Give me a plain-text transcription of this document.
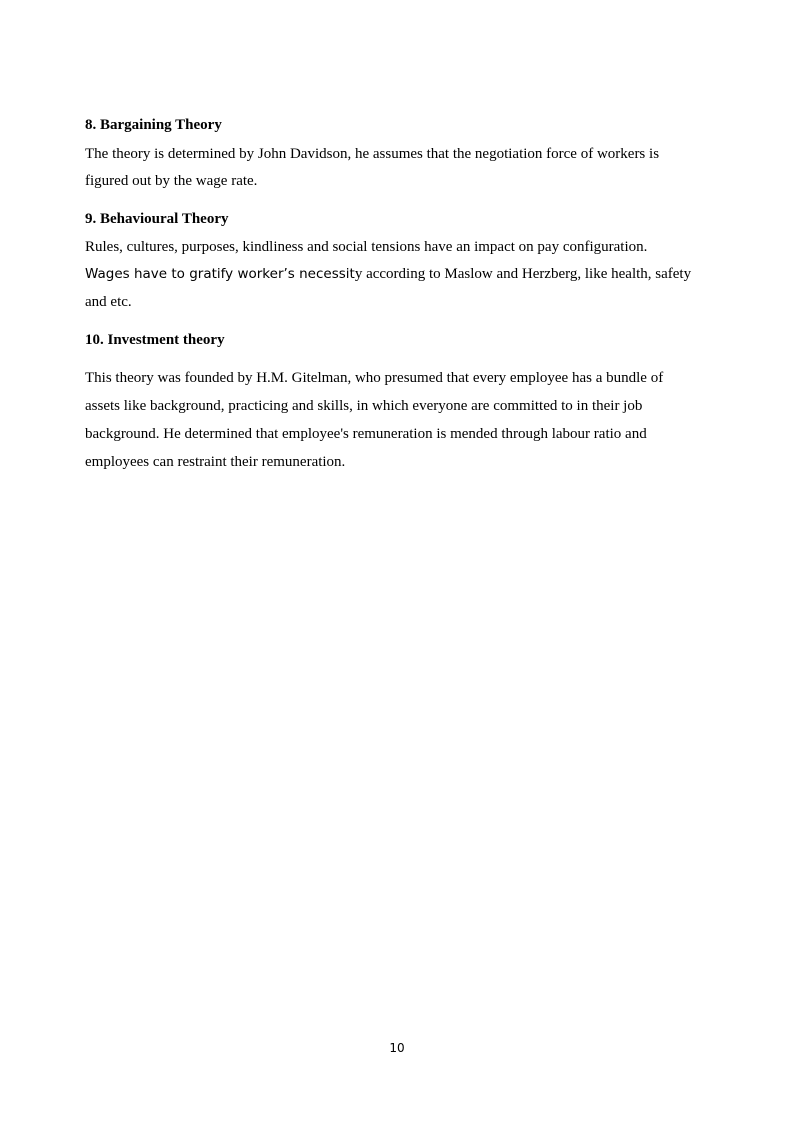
8. Bargaining Theory
The theory is determined by John Davidson, he assumes that the negotiation force of workers is
figured out by the wage rate.
9. Behavioural Theory
Rules, cultures, purposes, kindliness and social tensions have an impact on pay configuration.
Wages have to gratify worker’s necessity according to Maslow and Herzberg, like health, safety
and etc.
10. Investment theory
This theory was founded by H.M. Gitelman, who presumed that every employee has a bundle of
assets like background, practicing and skills, in which everyone are committed to in their job
background. He determined that employee's remuneration is mended through labour ratio and
employees can restraint their remuneration.
10
